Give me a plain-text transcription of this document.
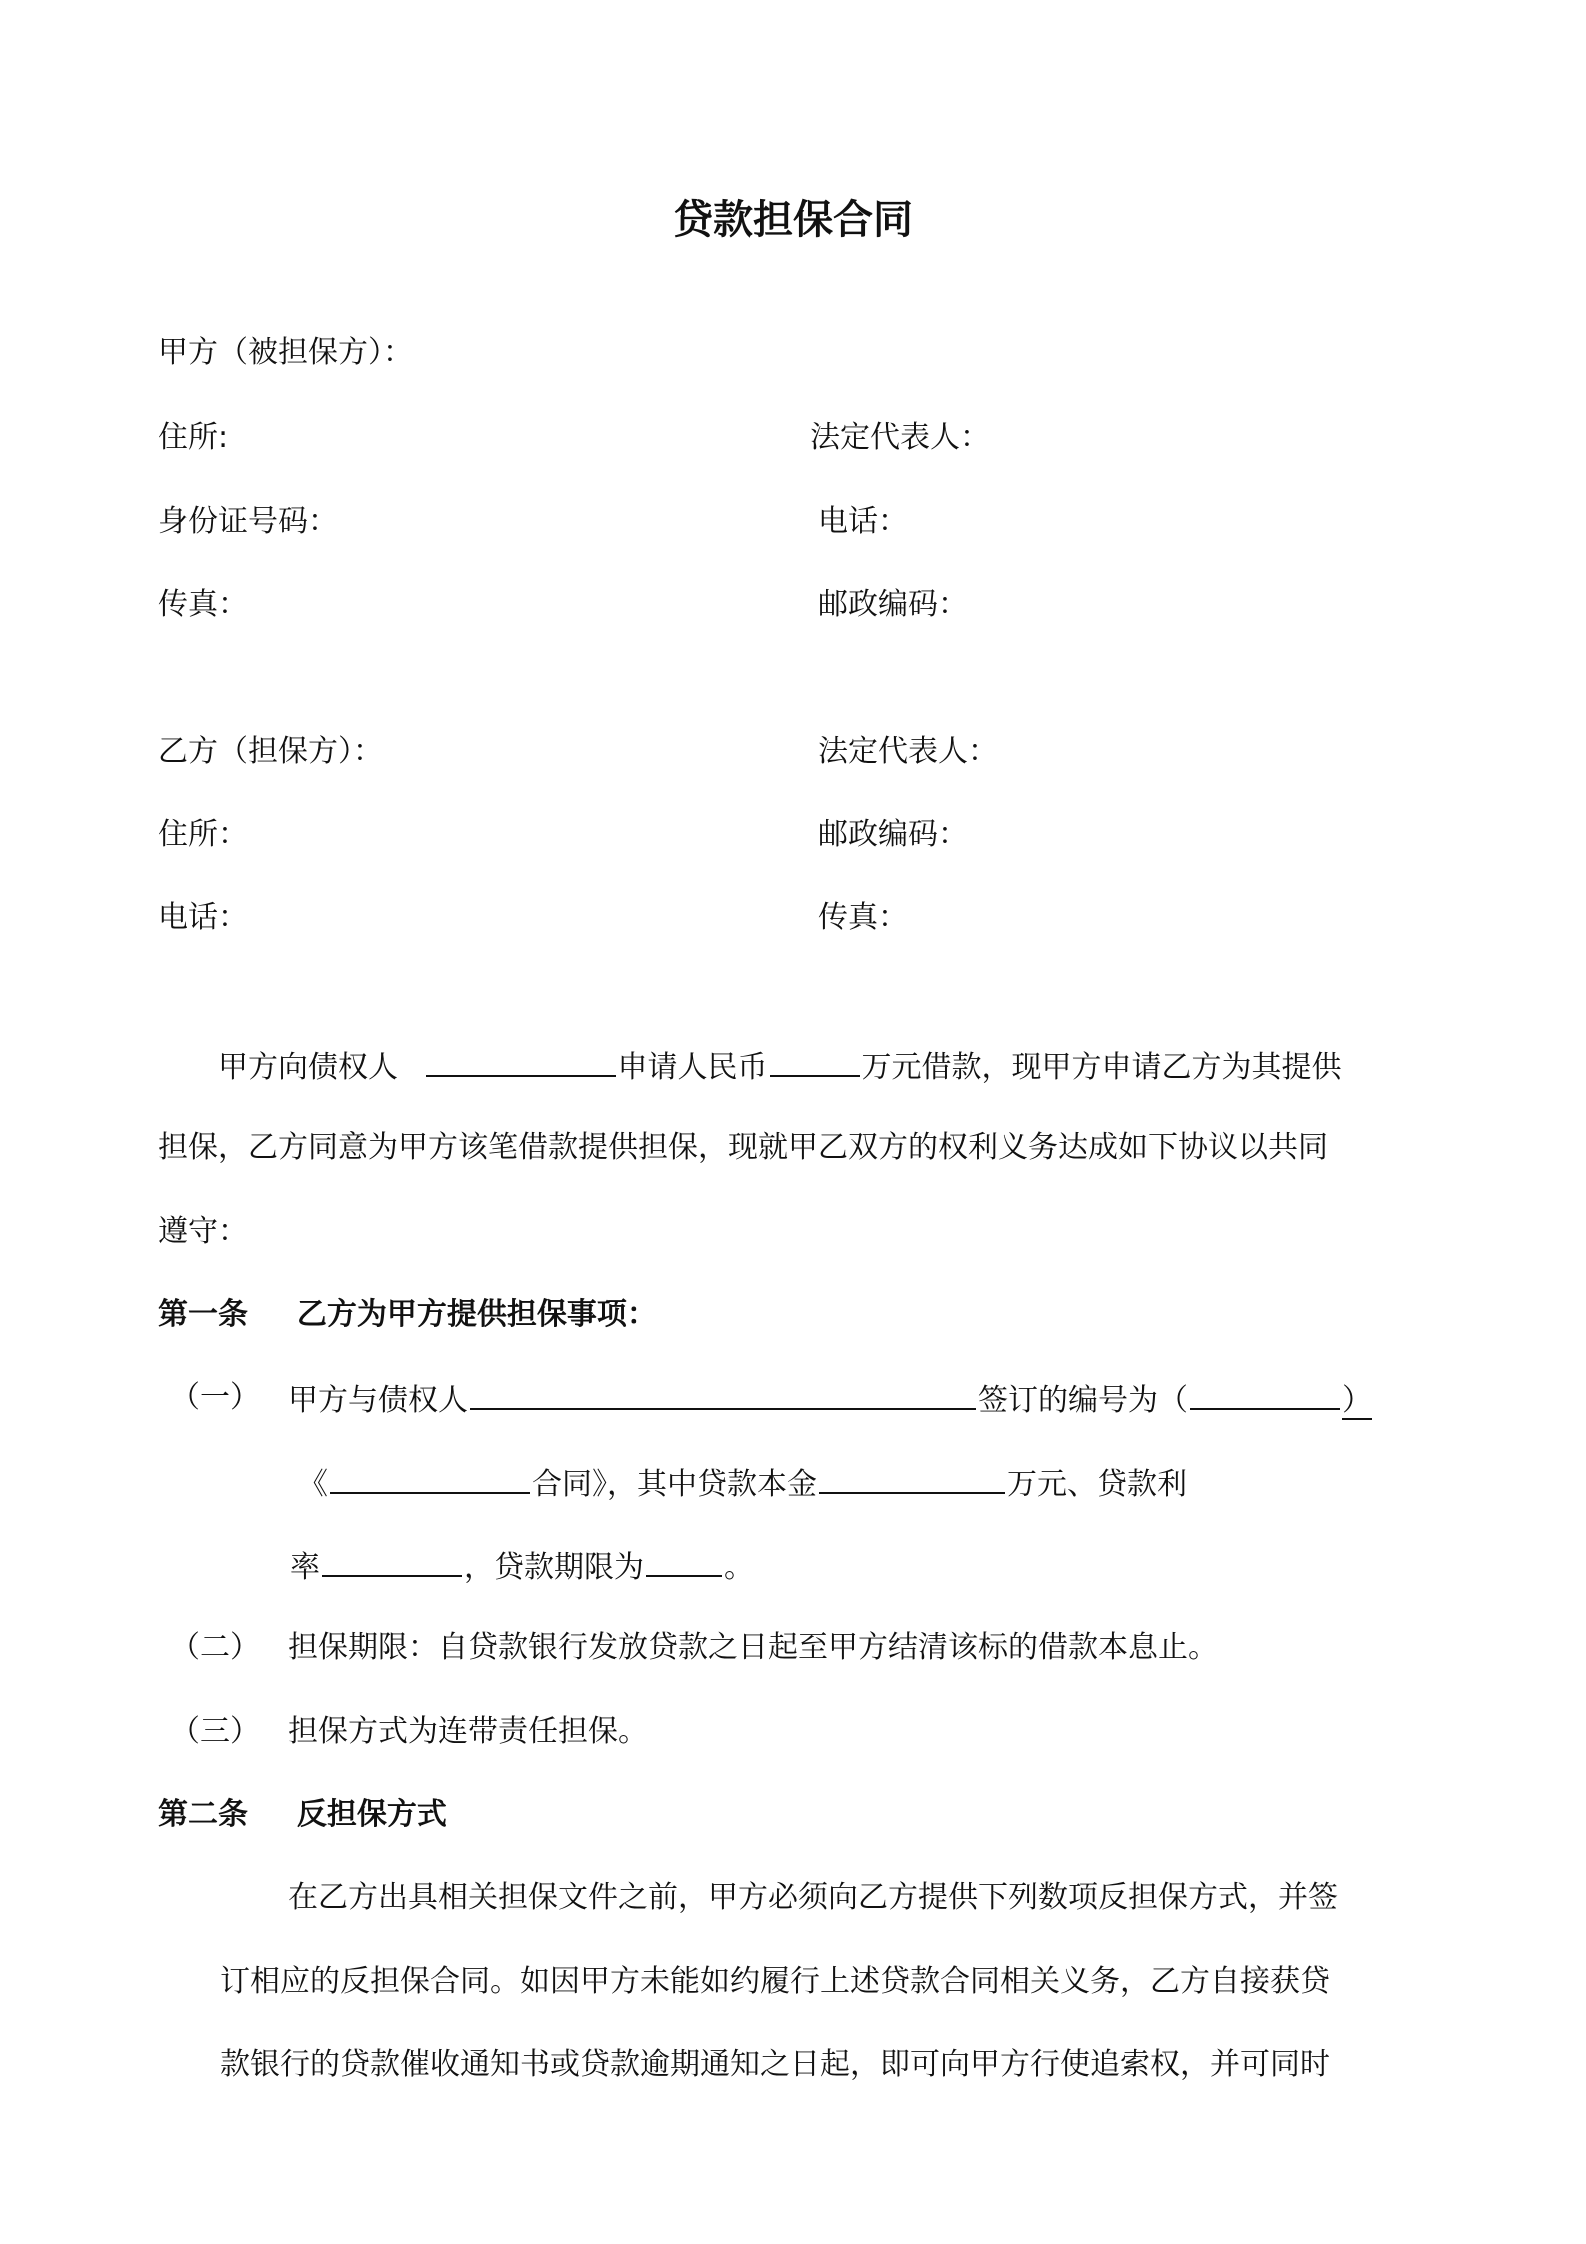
贷款担保合同
甲方（被担保方）：
住所:	法定代表人：
身份证号码：	电话：
传真：	邮政编码：
乙方（担保方）：	法定代表人：
住所：	邮政编码：
电话：	传真：
甲方向债权人	申请人民币	万元借款，现甲方申请乙方为其提供
担保，乙方同意为甲方该笔借款提供担保，现就甲乙双方的权利义务达成如下协议以共同
遵守：
第一条 乙方为甲方提供担保事项：
（一） 甲方与债权人	签订的编号为（	）
《	合同》，其中贷款本金	万元、贷款利
率	，贷款期限为	。
（二） 担保期限：自贷款银行发放贷款之日起至甲方结清该标的借款本息止。
（三） 担保方式为连带责任担保。
第二条 反担保方式
在乙方出具相关担保文件之前，甲方必须向乙方提供下列数项反担保方式，并签
订相应的反担保合同。如因甲方未能如约履行上述贷款合同相关义务，乙方自接获贷
款银行的贷款催收通知书或贷款逾期通知之日起，即可向甲方行使追索权，并可同时
